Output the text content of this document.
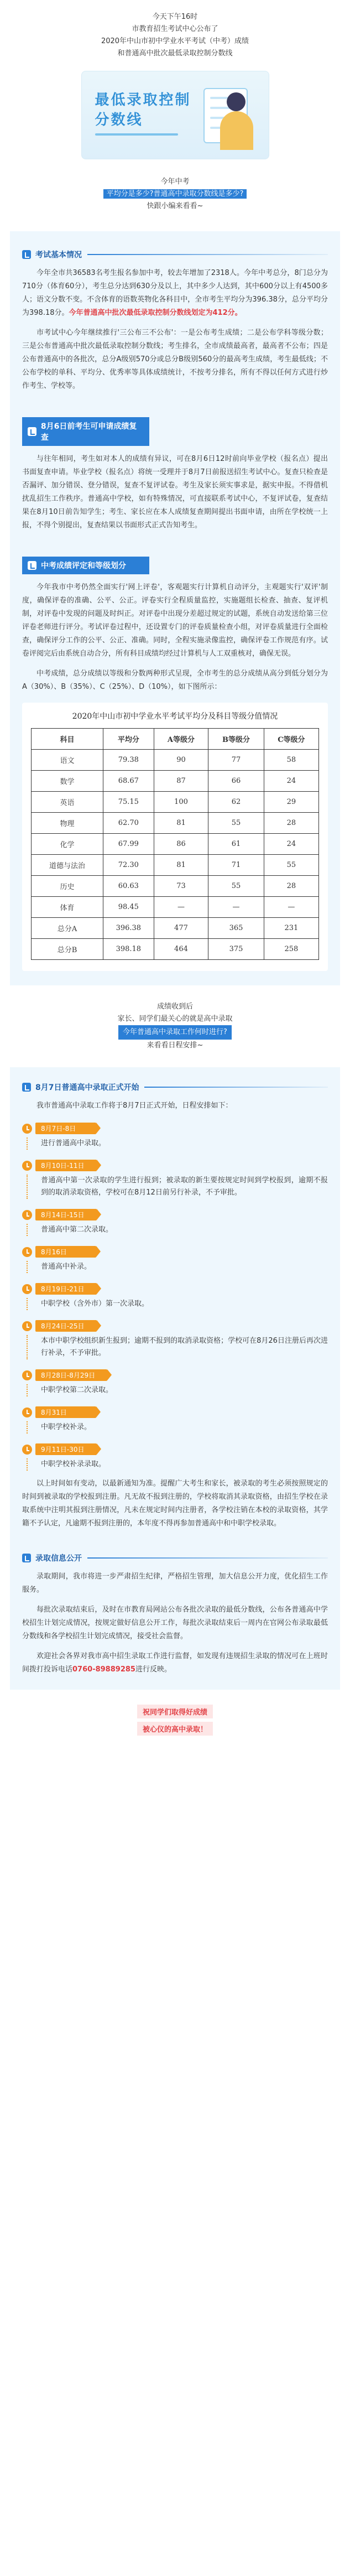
今天下午16时

市教育招生考试中心公布了

2020年中山市初中学业水平考试（中考）成绩

和普通高中批次最低录取控制分数线

最低录取控制分数线

今年中考

平均分是多少?普通高中录取分数线是多少?

快跟小编来看看~

考试基本情况

今年全市共36583名考生报名参加中考，较去年增加了2318人。今年中考总分，8门总分为710分（体育60分），考生总分达到630分及以上，其中多少人达到，其中600分以上有4500多人；语文分数不变。不含体育的语数英物化各科目中，全市考生平均分为396.38分，总分平均分为398.18分。今年普通高中批次最低录取控制分数线划定为412分。

市考试中心今年继续推行'三公布三不公布'：一是公布考生成绩；二是公布学科等级分数；三是公布普通高中批次最低录取控制分数线；考生排名，全市成绩最高者，最高者不公布；四是公布普通高中的各批次，总分A级别570分或总分B级别560分的最高考生成绩，考生最低线；不公布学校的单科、平均分、优秀率等具体成绩统计，不按考分排名，所有不得以任何方式进行炒作考生、学校等。

8月6日前考生可申请成绩复查

与往年相同，考生如对本人的成绩有异议，可在8月6日12时前向毕业学校（报名点）提出书面复查申请。毕业学校（报名点）将统一受理并于8月7日前报送招生考试中心。复查只检查是否漏评、加分错误、登分错误，复查不复评试卷。考生及家长须实事求是，据实申报。不得借机扰乱招生工作秩序。普通高中学校，如有特殊情况，可直接联系考试中心，不复评试卷，复查结果在8月10日前告知学生；考生、家长应在本人成绩复查期间提出书面申请，由所在学校统一上报，不得个别提出，复查结果以书面形式正式告知考生。

中考成绩评定和等级划分

今年我市中考仍然全面实行'网上评卷'，客观题实行计算机自动评分，主观题实行'双评'制度，确保评卷的准确、公平、公正。评卷实行全程质量监控，实施题组长检查、抽查、复评机制，对评卷中发现的问题及时纠正。对评卷中出现分差超过规定的试题，系统自动发送给第三位评卷老师进行评分。考试评卷过程中，还设置专门的评卷质量检查小组，对评卷质量进行全面检查，确保评分工作的公平、公正、准确。同时，全程实施录像监控，确保评卷工作规范有序。试卷评阅完后由系统自动合分，所有科目成绩均经过计算机与人工双重核对，确保无误。

中考成绩，总分成绩以等级和分数两种形式呈现，全市考生的总分成绩从高分到低分划分为A（30%）、B（35%）、C（25%）、D（10%），如下图所示：

2020年中山市初中学业水平考试平均分及科目等级分值情况
科目	平均分	A等级分	B等级分	C等级分
语文	79.38	90	77	58
数学	68.67	87	66	24
英语	75.15	100	62	29
物理	62.70	81	55	28
化学	67.99	86	61	24
道德与法治	72.30	81	71	55
历史	60.63	73	55	28
体育	98.45	—	—	—
总分A	396.38	477	365	231
总分B	398.18	464	375	258

成绩收到后

家长、同学们最关心的就是高中录取

今年普通高中录取工作何时进行?

来看看日程安排~

8月7日普通高中录取正式开始

我市普通高中录取工作将于8月7日正式开始，日程安排如下：

8月7日-8日

进行普通高中录取。

8月10日-11日

普通高中第一次录取的学生进行报到；被录取的新生要按规定时间到学校报到，逾期不报到的取消录取资格，学校可在8月12日前另行补录，不予审批。

8月14日-15日

普通高中第二次录取。

8月16日

普通高中补录。

8月19日-21日

中职学校（含外市）第一次录取。

8月24日-25日

本市中职学校组织新生报到；逾期不报到的取消录取资格；学校可在8月26日注册后再次进行补录，不予审批。

8月28日-8月29日

中职学校第二次录取。

8月31日

中职学校补录。

9月11日-30日

中职学校补录录取。

以上时间如有变动，以最新通知为准。提醒广大考生和家长，被录取的考生必须按照规定的时间到被录取的学校报到注册。凡无故不报到注册的，学校将取消其录取资格，由招生学校在录取系统中注明其报到注册情况，凡未在规定时间内注册者，各学校注销在本校的录取资格，其学籍不予认定，凡逾期不报到注册的，本年度不得再参加普通高中和中职学校录取。

录取信息公开

录取期间，我市将进一步严肃招生纪律，严格招生管理，加大信息公开力度，优化招生工作服务。

每批次录取结束后，及时在市教育局网站公布各批次录取的最低分数线，公布各普通高中学校招生计划完成情况，按规定做好信息公开工作，每批次录取结束后一周内在官网公布录取最低分数线和各学校招生计划完成情况，接受社会监督。

欢迎社会各界对我市高中招生录取工作进行监督，如发现有违规招生录取的情况可在上班时间拨打投诉电话0760-89889285进行反映。

祝同学们取得好成绩
被心仪的高中录取！
